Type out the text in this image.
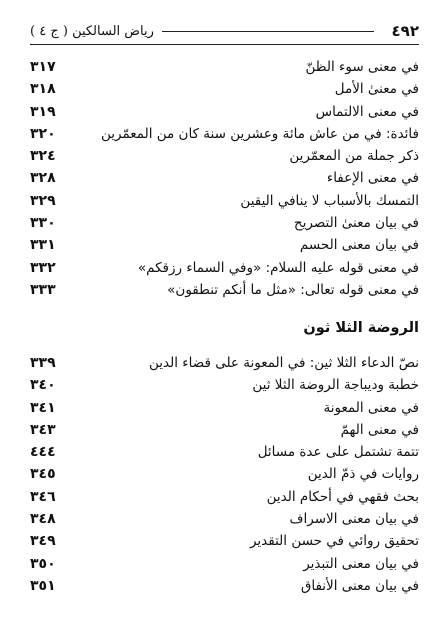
٤٩٢
رياض السالكين ( ج ٤ )
في معنى سوء الظنّ
٣١٧
في معنىٰ الأمل
٣١٨
في معنى الالتماس
٣١٩
فائدة: في من عاش مائة وعشرين سنة كان من المعمّرين
٣٢٠
ذكر جملة من المعمّرين
٣٢٤
في معنى الإعفاء
٣٢٨
التمسك بالأسباب لا ينافي اليقين
٣٢٩
في بيان معنىٰ التصريح
٣٣٠
في بيان معنى الحسم
٣٣١
في معنى قوله عليه السلام: «وفي السماء رزقكم»
٣٣٢
في معنى قوله تعالى: «مثل ما أنكم تنطقون»
٣٣٣
الروضة الثلا ثون
نصّ الدعاء الثلا ثين: في المعونة على قضاء الدين
٣٣٩
خطبة وديباجة الروضة الثلا ثين
٣٤٠
في معنى المعونة
٣٤١
في معنى الهمّ
٣٤٣
تتمة تشتمل على عدة مسائل
٤٤٤
روايات في ذمّ الدين
٣٤٥
بحث فقهي في أحكام الدين
٣٤٦
في بيان معنى الاسراف
٣٤٨
تحقيق روائي في حسن التقدير
٣٤٩
في بيان معنى التبذير
٣٥٠
في بيان معنى الأنفاق
٣٥١
